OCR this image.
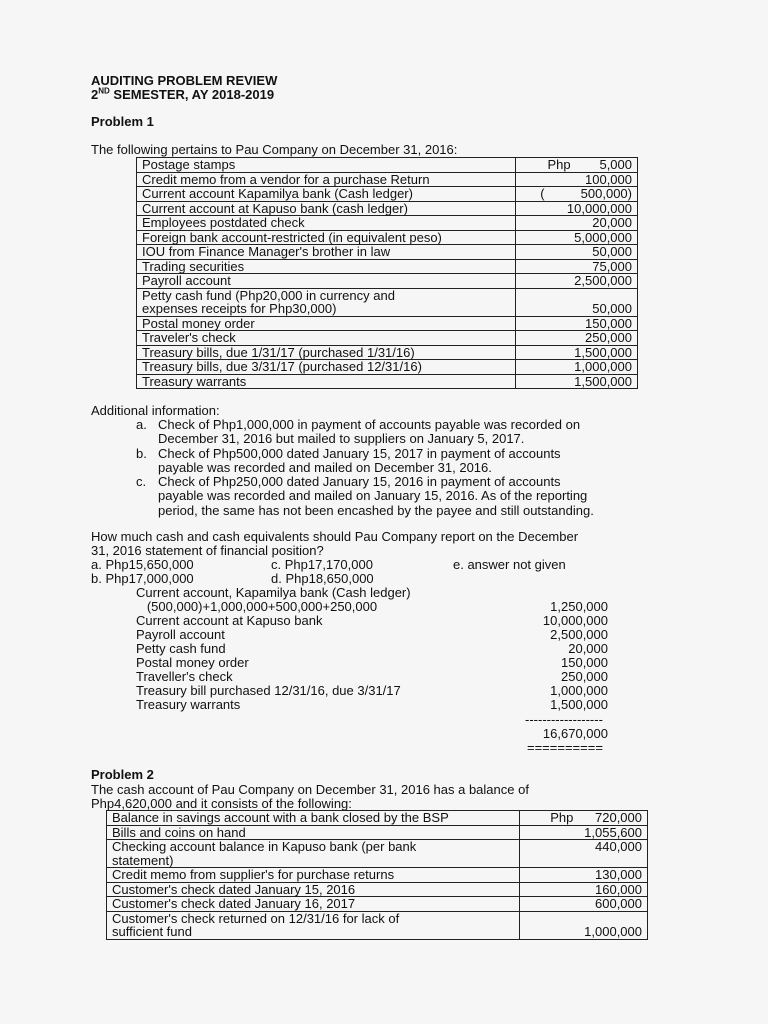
AUDITING PROBLEM REVIEW
2ND SEMESTER, AY 2018-2019
Problem 1
The following pertains to Pau Company on December 31, 2016:
Postage stamps	Php        5,000

Credit memo from a vendor for a purchase Return	100,000

Current account Kapamilya bank (Cash ledger)	(          500,000)

Current account at Kapuso bank (cash ledger)	10,000,000

Employees postdated check	20,000

Foreign bank account-restricted (in equivalent peso)	5,000,000

IOU from Finance Manager's brother in law	50,000

Trading securities	75,000

Payroll account	2,500,000

Petty cash fund (Php20,000 in currency and
expenses receipts for Php30,000)	50,000

Postal money order	150,000

Traveler's check	250,000

Treasury bills, due 1/31/17 (purchased 1/31/16)	1,500,000

Treasury bills, due 3/31/17 (purchased 12/31/16)	1,000,000

Treasury warrants	1,500,000
Additional information:
a. Check of Php1,000,000 in payment of accounts payable was recorded on
December 31, 2016 but mailed to suppliers on January 5, 2017.
b. Check of Php500,000 dated January 15, 2017 in payment of accounts
payable was recorded and mailed on December 31, 2016.
c. Check of Php250,000 dated January 15, 2016 in payment of accounts
payable was recorded and mailed on January 15, 2016. As of the reporting
period, the same has not been encashed by the payee and still outstanding.
How much cash and cash equivalents should Pau Company report on the December
31, 2016 statement of financial position?
a. Php15,650,000	c. Php17,170,000	e. answer not given
b. Php17,000,000	d. Php18,650,000
Current account, Kapamilya bank (Cash ledger)
(500,000)+1,000,000+500,000+250,000	1,250,000
Current account at Kapuso bank	10,000,000
Payroll account	2,500,000
Petty cash fund	20,000
Postal money order	150,000
Traveller's check	250,000
Treasury bill purchased 12/31/16, due 3/31/17	1,000,000
Treasury warrants	1,500,000
------------------
16,670,000
==========
Problem 2
The cash account of Pau Company on December 31, 2016 has a balance of
Php4,620,000 and it consists of the following:
Balance in savings account with a bank closed by the BSP	Php      720,000

Bills and coins on hand	1,055,600

Checking account balance in Kapuso bank (per bank
statement)	440,000

Credit memo from supplier's for purchase returns	130,000

Customer's check dated January 15, 2016	160,000

Customer's check dated January 16, 2017	600,000

Customer's check returned on 12/31/16 for lack of
sufficient fund	1,000,000
